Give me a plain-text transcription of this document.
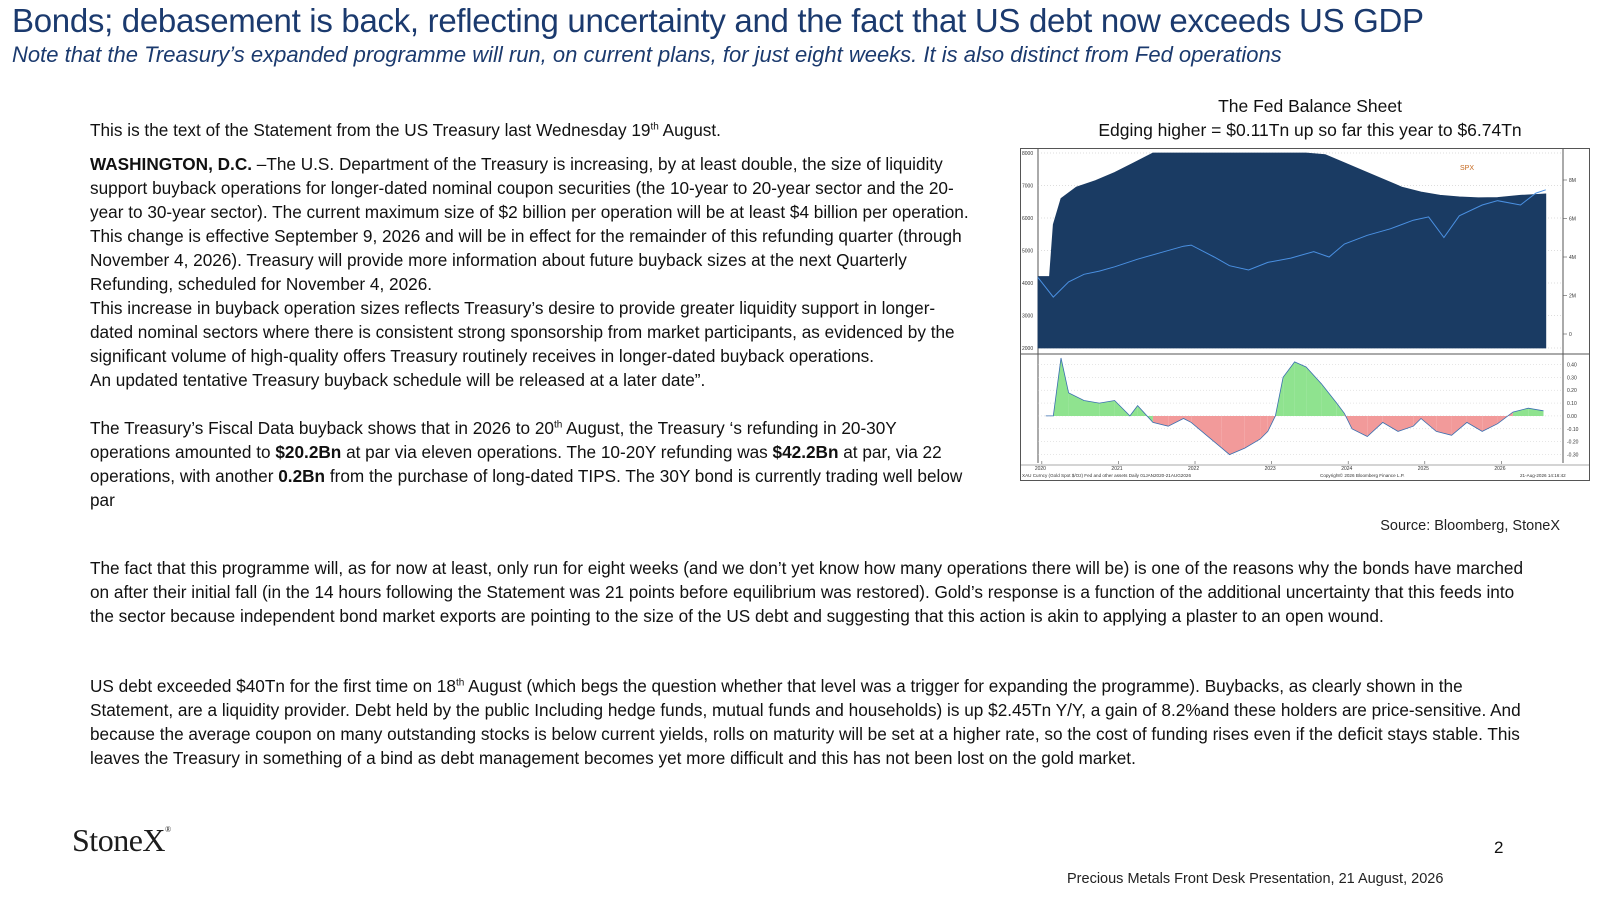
Bonds; debasement is back, reflecting uncertainty and the fact that US debt now exceeds US GDP
Note that the Treasury’s expanded programme will run, on current plans, for just eight weeks. It is also distinct from Fed operations

This is the text of the Statement from the US Treasury last Wednesday 19th August.

WASHINGTON, D.C. –The U.S. Department of the Treasury is increasing, by at least double, the size of liquidity support buyback operations for longer-dated nominal coupon securities (the 10-year to 20-year sector and the 20-year to 30-year sector). The current maximum size of $2 billion per operation will be at least $4 billion per operation.

This change is effective September 9, 2026 and will be in effect for the remainder of this refunding quarter (through November 4, 2026). Treasury will provide more information about future buyback sizes at the next Quarterly Refunding, scheduled for November 4, 2026.

This increase in buyback operation sizes reflects Treasury’s desire to provide greater liquidity support in longer-dated nominal sectors where there is consistent strong sponsorship from market participants, as evidenced by the significant volume of high-quality offers Treasury routinely receives in longer-dated buyback operations.

An updated tentative Treasury buyback schedule will be released at a later date”.

The Treasury’s Fiscal Data buyback shows that in 2026 to 20th August, the Treasury ‘s refunding in 20-30Y operations amounted to $20.2Bn at par via eleven operations. The 10-20Y refunding was $42.2Bn at par, via 22 operations, with another 0.2Bn from the purchase of long-dated TIPS. The 30Y bond is currently trading well below par

The fact that this programme will, as for now at least, only run for eight weeks (and we don’t yet know how many operations there will be) is one of the reasons why the bonds have marched on after their initial fall (in the 14 hours following the Statement was 21 points before equilibrium was restored). Gold’s response is a function of the additional uncertainty that this feeds into the sector because independent bond market exports are pointing to the size of the US debt and suggesting that this action is akin to applying a plaster to an open wound.

US debt exceeded $40Tn for the first time on 18th August (which begs the question whether that level was a trigger for expanding the programme). Buybacks, as clearly shown in the Statement, are a liquidity provider. Debt held by the public Including hedge funds, mutual funds and households) is up $2.45Tn Y/Y, a gain of 8.2%and these holders are price-sensitive. And because the average coupon on many outstanding stocks is below current yields, rolls on maturity will be set at a higher rate, so the cost of funding rises even if the deficit stays stable. This leaves the Treasury in something of a bind as debt management becomes yet more difficult and this has not been lost on the gold market.

The Fed Balance Sheet
Edging higher = $0.11Tn up so far this year to $6.74Tn
8000
7000
6000
5000
4000
3000
2000
SPX
8M
6M
4M
2M
0
0.40
0.30
0.20
0.10
0.00
-0.10
-0.20
-0.30
2020	2021	2022	2023	2024	2025	2026
XAU Curncy (Gold Spot $/Oz) Fed and other assets Daily 01JAN2020-21AUG2026	Copyright© 2026 Bloomberg Finance L.P.	21-Aug-2026 14:16:42
Source: Bloomberg, StoneX
StoneX®
2
Precious Metals Front Desk Presentation, 21 August, 2026
